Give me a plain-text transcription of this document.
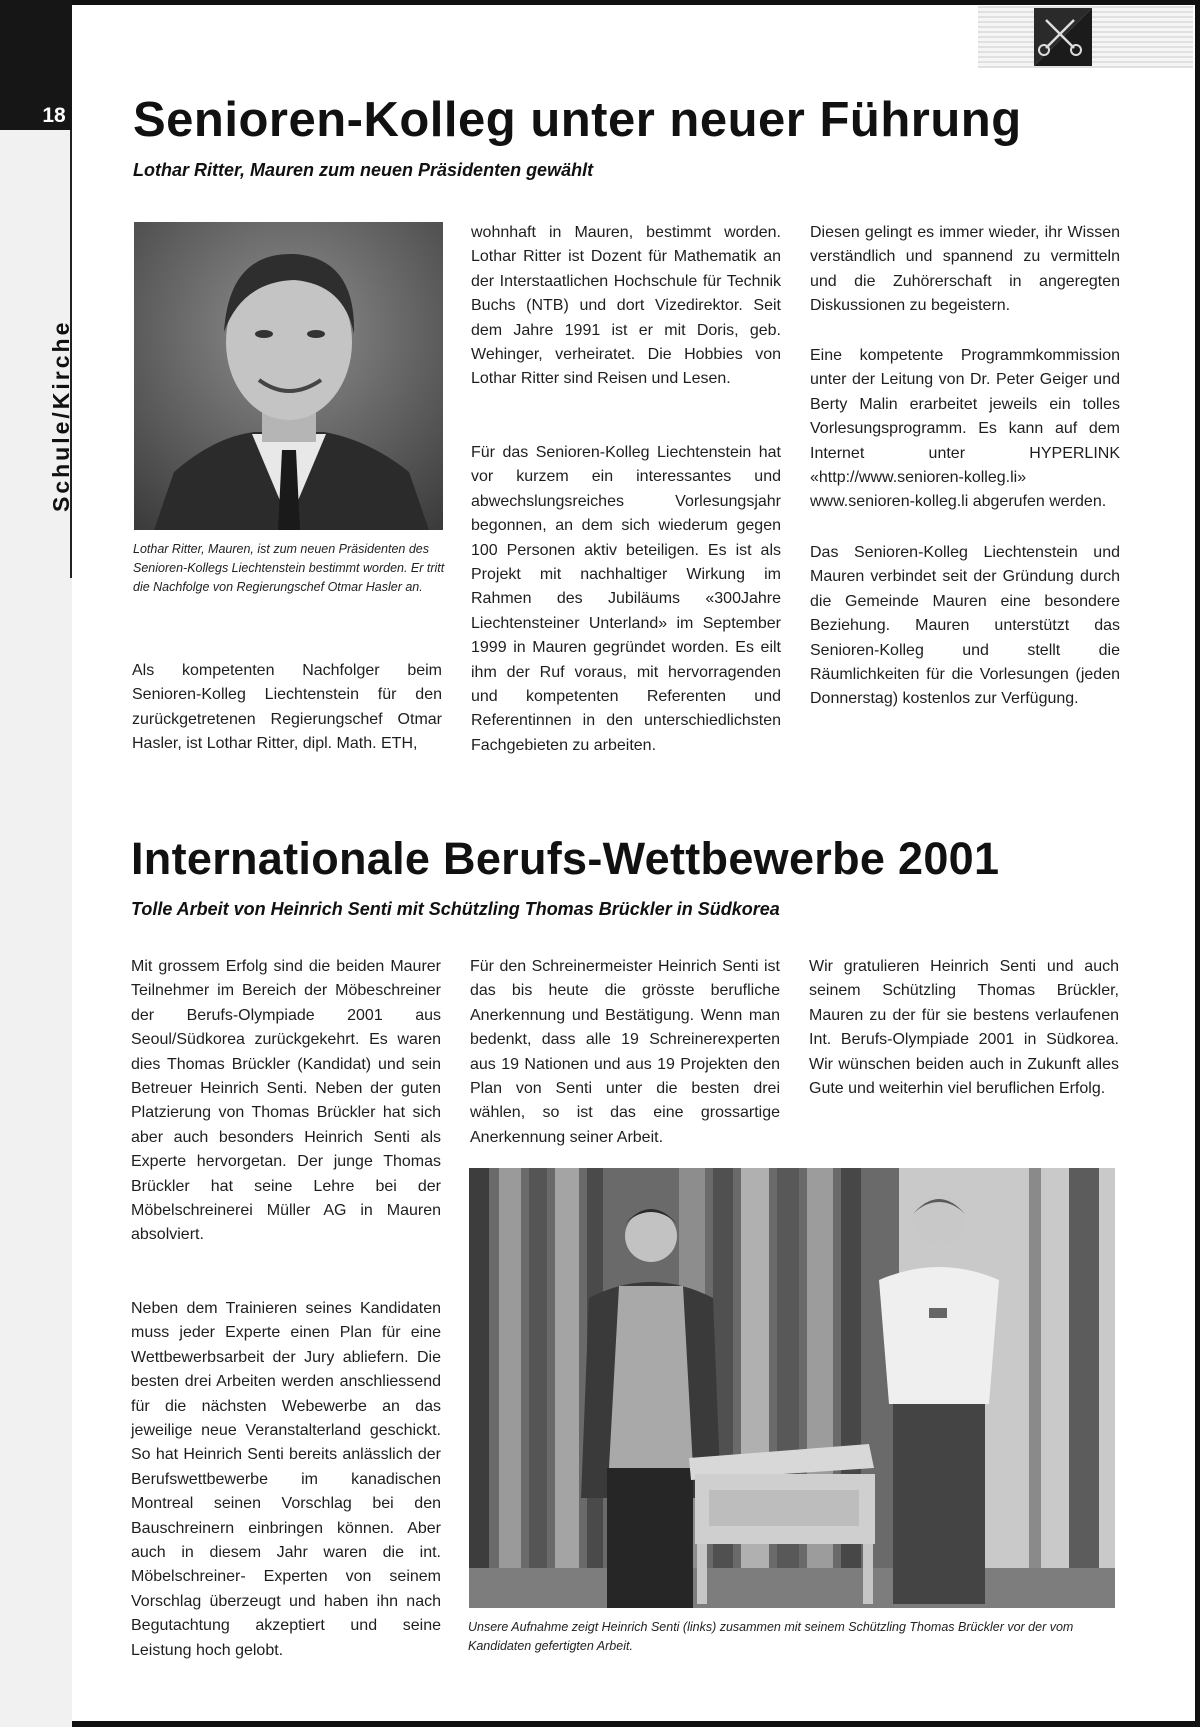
18
Schule/Kirche
Senioren-Kolleg unter neuer Führung
Lothar Ritter, Mauren zum neuen Präsidenten gewählt

Lothar Ritter, Mauren, ist zum neuen Präsidenten des Senioren-Kollegs Liechtenstein bestimmt worden. Er tritt die Nachfolge von Regierungschef Otmar Hasler an.

Als kompetenten Nachfolger beim Senioren-Kolleg Liechtenstein für den zurückgetretenen Regierungschef Otmar Hasler, ist Lothar Ritter, dipl. Math. ETH,

wohnhaft in Mauren, bestimmt worden. Lothar Ritter ist Dozent für Mathematik an der Interstaatlichen Hochschule für Technik Buchs (NTB) und dort Vizedirektor. Seit dem Jahre 1991 ist er mit Doris, geb. Wehinger, verheiratet. Die Hobbies von Lothar Ritter sind Reisen und Lesen.

Für das Senioren-Kolleg Liechtenstein hat vor kurzem ein interessantes und abwechslungsreiches Vorlesungsjahr begonnen, an dem sich wiederum gegen 100 Personen aktiv beteiligen. Es ist als Projekt mit nachhaltiger Wirkung im Rahmen des Jubiläums «300Jahre Liechtensteiner Unterland» im September 1999 in Mauren gegründet worden. Es eilt ihm der Ruf voraus, mit hervorragenden und kompetenten Referenten und Referentinnen in den unterschiedlichsten Fachgebieten zu arbeiten.

Diesen gelingt es immer wieder, ihr Wissen verständlich und spannend zu vermitteln und die Zuhörerschaft in angeregten Diskussionen zu begeistern.

Eine kompetente Programmkommission unter der Leitung von Dr. Peter Geiger und Berty Malin erarbeitet jeweils ein tolles Vorlesungsprogramm. Es kann auf dem Internet unter HYPERLINK «http://www.senioren-kolleg.li» www.senioren-kolleg.li abgerufen werden.

Das Senioren-Kolleg Liechtenstein und Mauren verbindet seit der Gründung durch die Gemeinde Mauren eine besondere Beziehung. Mauren unterstützt das Senioren-Kolleg und stellt die Räumlichkeiten für die Vorlesungen (jeden Donnerstag) kostenlos zur Verfügung.

Internationale Berufs-Wettbewerbe 2001
Tolle Arbeit von Heinrich Senti mit Schützling Thomas Brückler in Südkorea

Mit grossem Erfolg sind die beiden Maurer Teilnehmer im Bereich der Möbeschreiner der Berufs-Olympiade 2001 aus Seoul/Südkorea zurückgekehrt. Es waren dies Thomas Brückler (Kandidat) und sein Betreuer Heinrich Senti. Neben der guten Platzierung von Thomas Brückler hat sich aber auch besonders Heinrich Senti als Experte hervorgetan. Der junge Thomas Brückler hat seine Lehre bei der Möbelschreinerei Müller AG in Mauren absolviert.

Neben dem Trainieren seines Kandidaten muss jeder Experte einen Plan für eine Wettbewerbsarbeit der Jury abliefern. Die besten drei Arbeiten werden anschliessend für die nächsten Webewerbe an das jeweilige neue Veranstalterland geschickt. So hat Heinrich Senti bereits anlässlich der Berufswettbewerbe im kanadischen Montreal seinen Vorschlag bei den Bauschreinern einbringen können. Aber auch in diesem Jahr waren die int. Möbelschreiner- Experten von seinem Vorschlag überzeugt und haben ihn nach Begutachtung akzeptiert und seine Leistung hoch gelobt.

Für den Schreinermeister Heinrich Senti ist das bis heute die grösste berufliche Anerkennung und Bestätigung. Wenn man bedenkt, dass alle 19 Schreinerexperten aus 19 Nationen und aus 19 Projekten den Plan von Senti unter die besten drei wählen, so ist das eine grossartige Anerkennung seiner Arbeit.

Wir gratulieren Heinrich Senti und auch seinem Schützling Thomas Brückler, Mauren zu der für sie bestens verlaufenen Int. Berufs-Olympiade 2001 in Südkorea. Wir wünschen beiden auch in Zukunft alles Gute und weiterhin viel beruflichen Erfolg.

Unsere Aufnahme zeigt Heinrich Senti (links) zusammen mit seinem Schützling Thomas Brückler vor der vom Kandidaten gefertigten Arbeit.
